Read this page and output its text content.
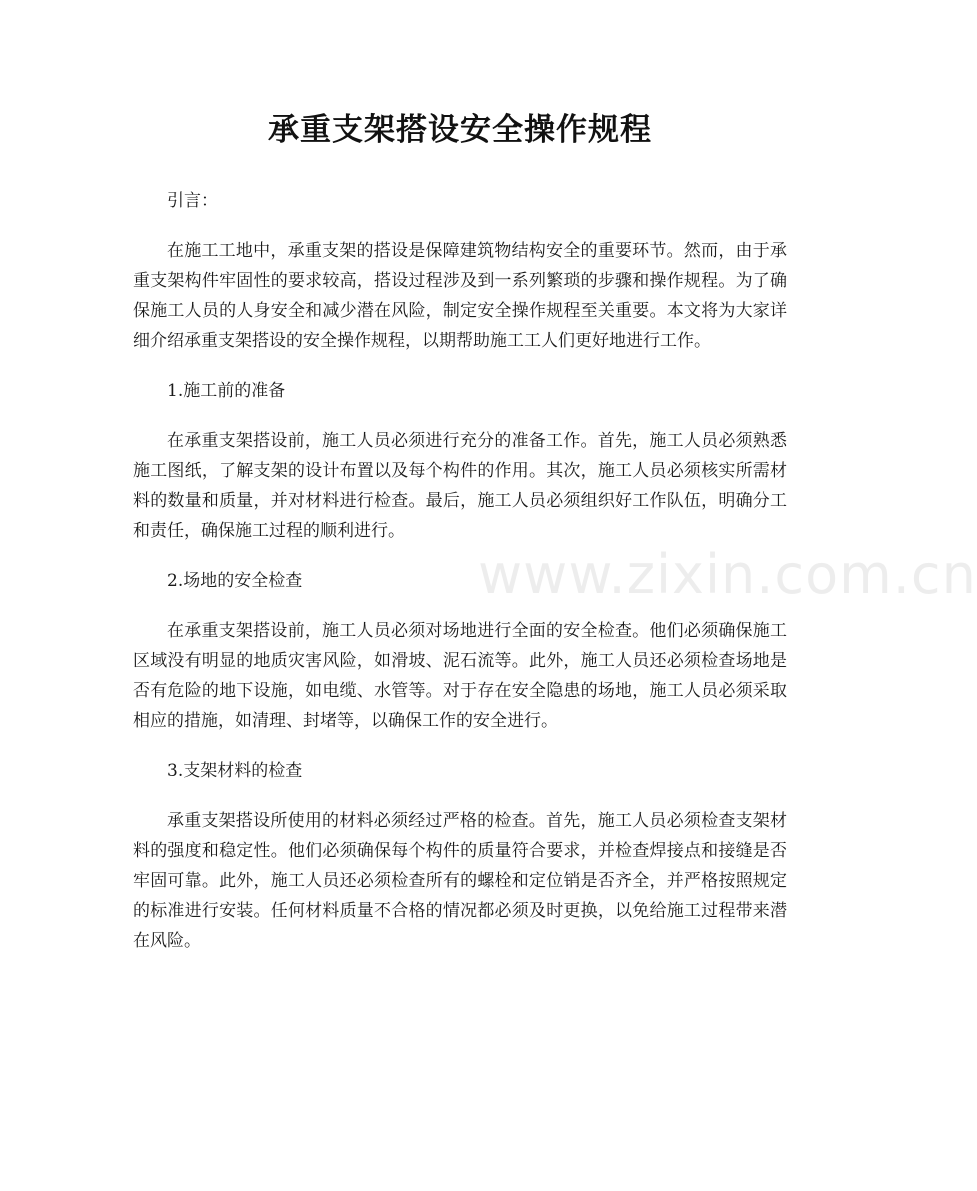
承重支架搭设安全操作规程

引言：

在施工工地中，承重支架的搭设是保障建筑物结构安全的重要环节。然而，由于承重支架构件牢固性的要求较高，搭设过程涉及到一系列繁琐的步骤和操作规程。为了确保施工人员的人身安全和减少潜在风险，制定安全操作规程至关重要。本文将为大家详细介绍承重支架搭设的安全操作规程，以期帮助施工工人们更好地进行工作。

1.施工前的准备

在承重支架搭设前，施工人员必须进行充分的准备工作。首先，施工人员必须熟悉施工图纸，了解支架的设计布置以及每个构件的作用。其次，施工人员必须核实所需材料的数量和质量，并对材料进行检查。最后，施工人员必须组织好工作队伍，明确分工和责任，确保施工过程的顺利进行。

2.场地的安全检查

在承重支架搭设前，施工人员必须对场地进行全面的安全检查。他们必须确保施工区域没有明显的地质灾害风险，如滑坡、泥石流等。此外，施工人员还必须检查场地是否有危险的地下设施，如电缆、水管等。对于存在安全隐患的场地，施工人员必须采取相应的措施，如清理、封堵等，以确保工作的安全进行。

3.支架材料的检查

承重支架搭设所使用的材料必须经过严格的检查。首先，施工人员必须检查支架材料的强度和稳定性。他们必须确保每个构件的质量符合要求，并检查焊接点和接缝是否牢固可靠。此外，施工人员还必须检查所有的螺栓和定位销是否齐全，并严格按照规定的标准进行安装。任何材料质量不合格的情况都必须及时更换，以免给施工过程带来潜在风险。

www.zixin.com.cn
